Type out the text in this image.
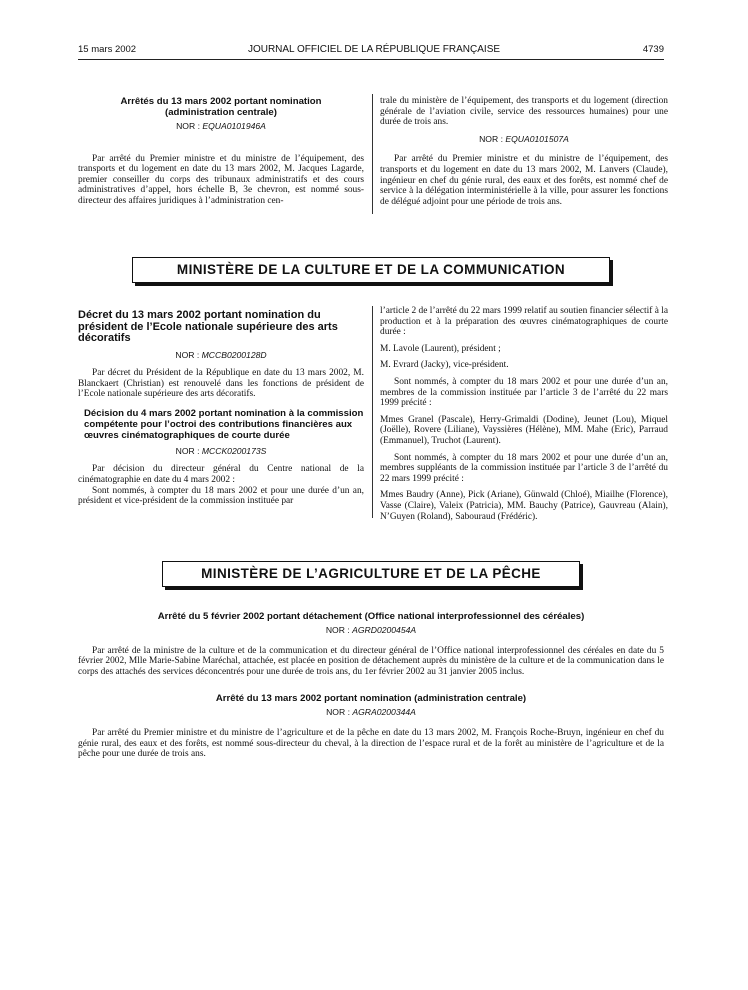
15 mars 2002	JOURNAL OFFICIEL DE LA RÉPUBLIQUE FRANÇAISE	4739

Arrêtés du 13 mars 2002 portant nomination

(administration centrale)

NOR : EQUA0101946A

Par arrêté du Premier ministre et du ministre de l’équipement, des transports et du logement en date du 13 mars 2002, M. Jacques Lagarde, premier conseiller du corps des tribunaux administratifs et des cours administratives d’appel, hors échelle B, 3e chevron, est nommé sous-directeur des affaires juridiques à l’administration cen-

trale du ministère de l’équipement, des transports et du logement (direction générale de l’aviation civile, service des ressources humaines) pour une durée de trois ans.

NOR : EQUA0101507A

Par arrêté du Premier ministre et du ministre de l’équipement, des transports et du logement en date du 13 mars 2002, M. Lanvers (Claude), ingénieur en chef du génie rural, des eaux et des forêts, est nommé chef de service à la délégation interministérielle à la ville, pour assurer les fonctions de délégué adjoint pour une période de trois ans.

MINISTÈRE DE LA CULTURE ET DE LA COMMUNICATION

Décret du 13 mars 2002 portant nomination du président de l’Ecole nationale supérieure des arts décoratifs

NOR : MCCB0200128D

Par décret du Président de la République en date du 13 mars 2002, M. Blanckaert (Christian) est renouvelé dans les fonctions de président de l’Ecole nationale supérieure des arts décoratifs.

Décision du 4 mars 2002 portant nomination à la commission compétente pour l’octroi des contributions financières aux œuvres cinématographiques de courte durée

NOR : MCCK0200173S

Par décision du directeur général du Centre national de la cinématographie en date du 4 mars 2002 :

Sont nommés, à compter du 18 mars 2002 et pour une durée d’un an, président et vice-président de la commission instituée par

l’article 2 de l’arrêté du 22 mars 1999 relatif au soutien financier sélectif à la production et à la préparation des œuvres cinématographiques de courte durée :

M. Lavole (Laurent), président ;

M. Evrard (Jacky), vice-président.

Sont nommés, à compter du 18 mars 2002 et pour une durée d’un an, membres de la commission instituée par l’article 3 de l’arrêté du 22 mars 1999 précité :

Mmes Granel (Pascale), Herry-Grimaldi (Dodine), Jeunet (Lou), Miquel (Joëlle), Rovere (Liliane), Vayssières (Hélène), MM. Mahe (Eric), Parraud (Emmanuel), Truchot (Laurent).

Sont nommés, à compter du 18 mars 2002 et pour une durée d’un an, membres suppléants de la commission instituée par l’article 3 de l’arrêté du 22 mars 1999 précité :

Mmes Baudry (Anne), Pick (Ariane), Günwald (Chloé), Miailhe (Florence), Vasse (Claire), Valeix (Patricia), MM. Bauchy (Patrice), Gauvreau (Alain), N’Guyen (Roland), Sabouraud (Frédéric).

MINISTÈRE DE L’AGRICULTURE ET DE LA PÊCHE

Arrêté du 5 février 2002 portant détachement (Office national interprofessionnel des céréales)

NOR : AGRD0200454A

Par arrêté de la ministre de la culture et de la communication et du directeur général de l’Office national interprofessionnel des céréales en date du 5 février 2002, Mlle Marie-Sabine Maréchal, attachée, est placée en position de détachement auprès du ministère de la culture et de la communication dans le corps des attachés des services déconcentrés pour une durée de trois ans, du 1er février 2002 au 31 janvier 2005 inclus.

Arrêté du 13 mars 2002 portant nomination (administration centrale)

NOR : AGRA0200344A

Par arrêté du Premier ministre et du ministre de l’agriculture et de la pêche en date du 13 mars 2002, M. François Roche-Bruyn, ingénieur en chef du génie rural, des eaux et des forêts, est nommé sous-directeur du cheval, à la direction de l’espace rural et de la forêt au ministère de l’agriculture et de la pêche pour une durée de trois ans.
